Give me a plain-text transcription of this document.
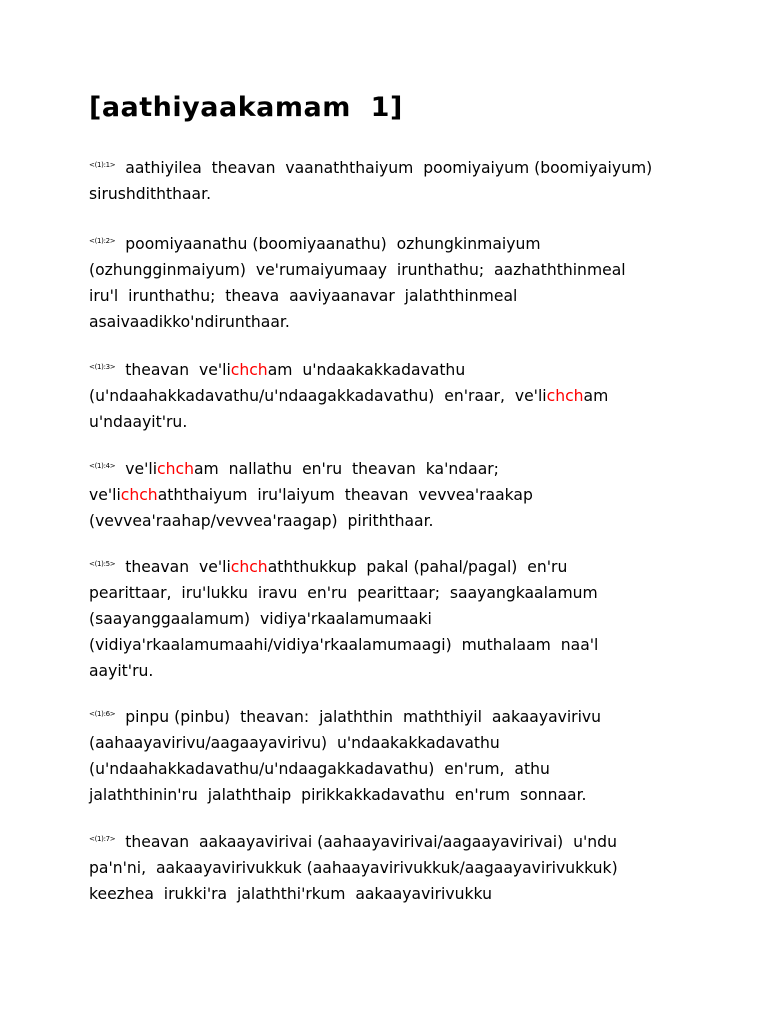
[aathiyaakamam  1]

$^{<(1):1>}$  aathiyilea  theavan  vaanaththaiyum  poomiyaiyum (boomiyaiyum)
sirushdiththaar.

$^{<(1):2>}$  poomiyaanathu (boomiyaanathu)  ozhungkinmaiyum
(ozhungginmaiyum)  ve'rumaiyumaay  irunthathu;  aazhaththinmeal
iru'l  irunthathu;  theava  aaviyaanavar  jalaththinmeal
asaivaadikko'ndirunthaar.

$^{<(1):3>}$  theavan  ve'lichcham  u'ndaakakkadavathu
(u'ndaahakkadavathu/u'ndaagakkadavathu)  en'raar,  ve'lichcham
u'ndaayit'ru.

$^{<(1):4>}$  ve'lichcham  nallathu  en'ru  theavan  ka'ndaar;
ve'lichchaththaiyum  iru'laiyum  theavan  vevvea'raakap
(vevvea'raahap/vevvea'raagap)  piriththaar.

$^{<(1):5>}$  theavan  ve'lichchaththukkup  pakal (pahal/pagal)  en'ru
pearittaar,  iru'lukku  iravu  en'ru  pearittaar;  saayangkaalamum
(saayanggaalamum)  vidiya'rkaalamumaaki
(vidiya'rkaalamumaahi/vidiya'rkaalamumaagi)  muthalaam  naa'l
aayit'ru.

$^{<(1):6>}$  pinpu (pinbu)  theavan:  jalaththin  maththiyil  aakaayavirivu
(aahaayavirivu/aagaayavirivu)  u'ndaakakkadavathu
(u'ndaahakkadavathu/u'ndaagakkadavathu)  en'rum,  athu
jalaththinin'ru  jalaththaip  pirikkakkadavathu  en'rum  sonnaar.

$^{<(1):7>}$  theavan  aakaayavirivai (aahaayavirivai/aagaayavirivai)  u'ndu
pa'n'ni,  aakaayavirivukkuk (aahaayavirivukkuk/aagaayavirivukkuk)
keezhea  irukki'ra  jalaththi'rkum  aakaayavirivukku
